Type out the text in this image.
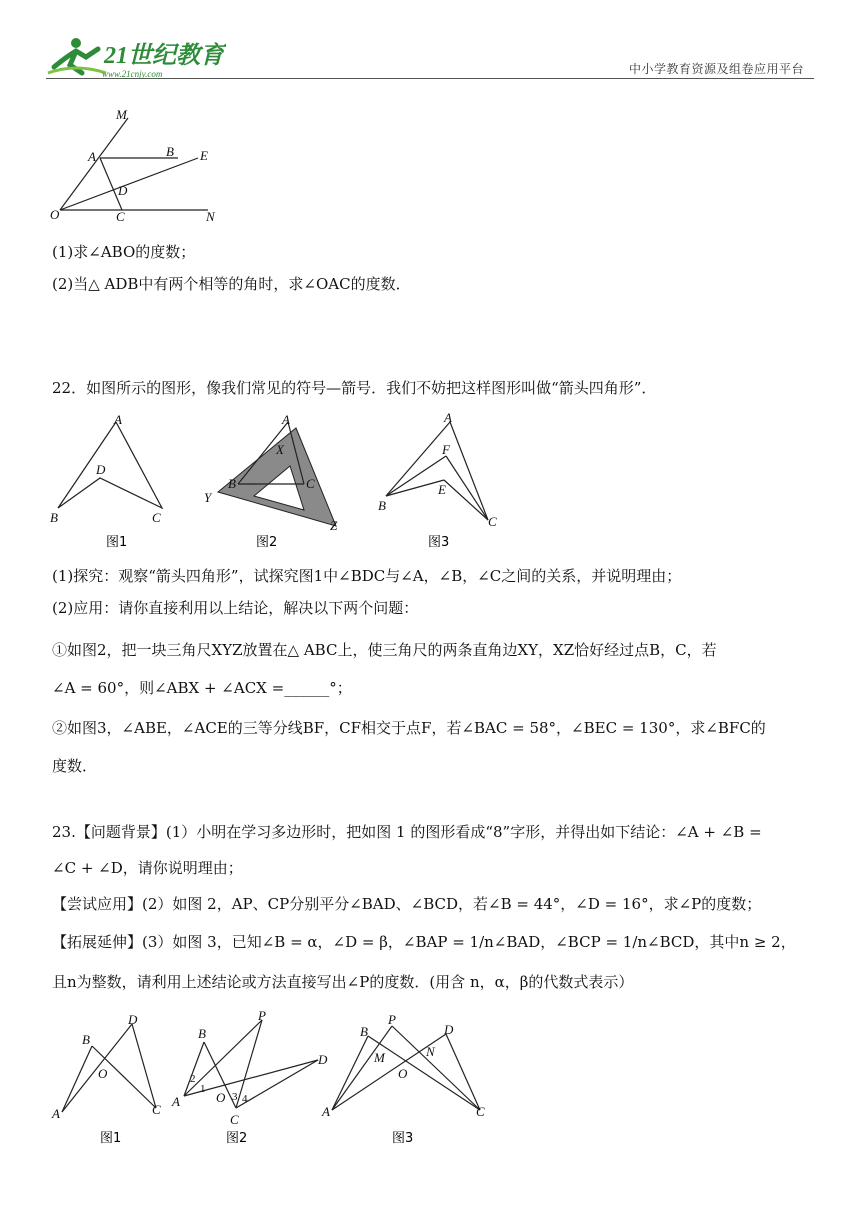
21世纪教育
www.21cnjy.com	中小学教育资源及组卷应用平台
M
A	B E
D
O	C	N
(1)求∠ABO的度数；
(2)当△ ADB中有两个相等的角时，求∠OAC的度数．
22．如图所示的图形，像我们常见的符号—箭号．我们不妨把这样图形叫做“箭头四角形”．
A
D
B	C
图1
A
X
B	C
Y
Z
图2
A
F
E
B
C
图3
(1)探究：观察“箭头四角形”，试探究图1中∠BDC与∠A，∠B，∠C之间的关系，并说明理由；
(2)应用：请你直接利用以上结论，解决以下两个问题：
①如图2，把一块三角尺XYZ放置在△ ABC上，使三角尺的两条直角边XY，XZ恰好经过点B，C，若
∠A = 60°，则∠ABX + ∠ACX =______°；
②如图3，∠ABE，∠ACE的三等分线BF，CF相交于点F，若∠BAC = 58°，∠BEC = 130°，求∠BFC的
度数．
23.【问题背景】(1）小明在学习多边形时，把如图 1 的图形看成“8”字形，并得出如下结论：∠A + ∠B =
∠C + ∠D，请你说明理由；
【尝试应用】(2）如图 2，AP、CP分别平分∠BAD、∠BCD，若∠B = 44°，∠D = 16°，求∠P的度数；
【拓展延伸】(3）如图 3，已知∠B = α，∠D = β，∠BAP = 1/n∠BAD，∠BCP = 1/n∠BCD，其中n ≥ 2，
且n为整数，请利用上述结论或方法直接写出∠P的度数．(用含 n，α，β的代数式表示）
B
D
O
A	C
图1
B
P
D
A	O
C
2
1
3 4
图2
B
P
D
M	N
O
A	C
图3
